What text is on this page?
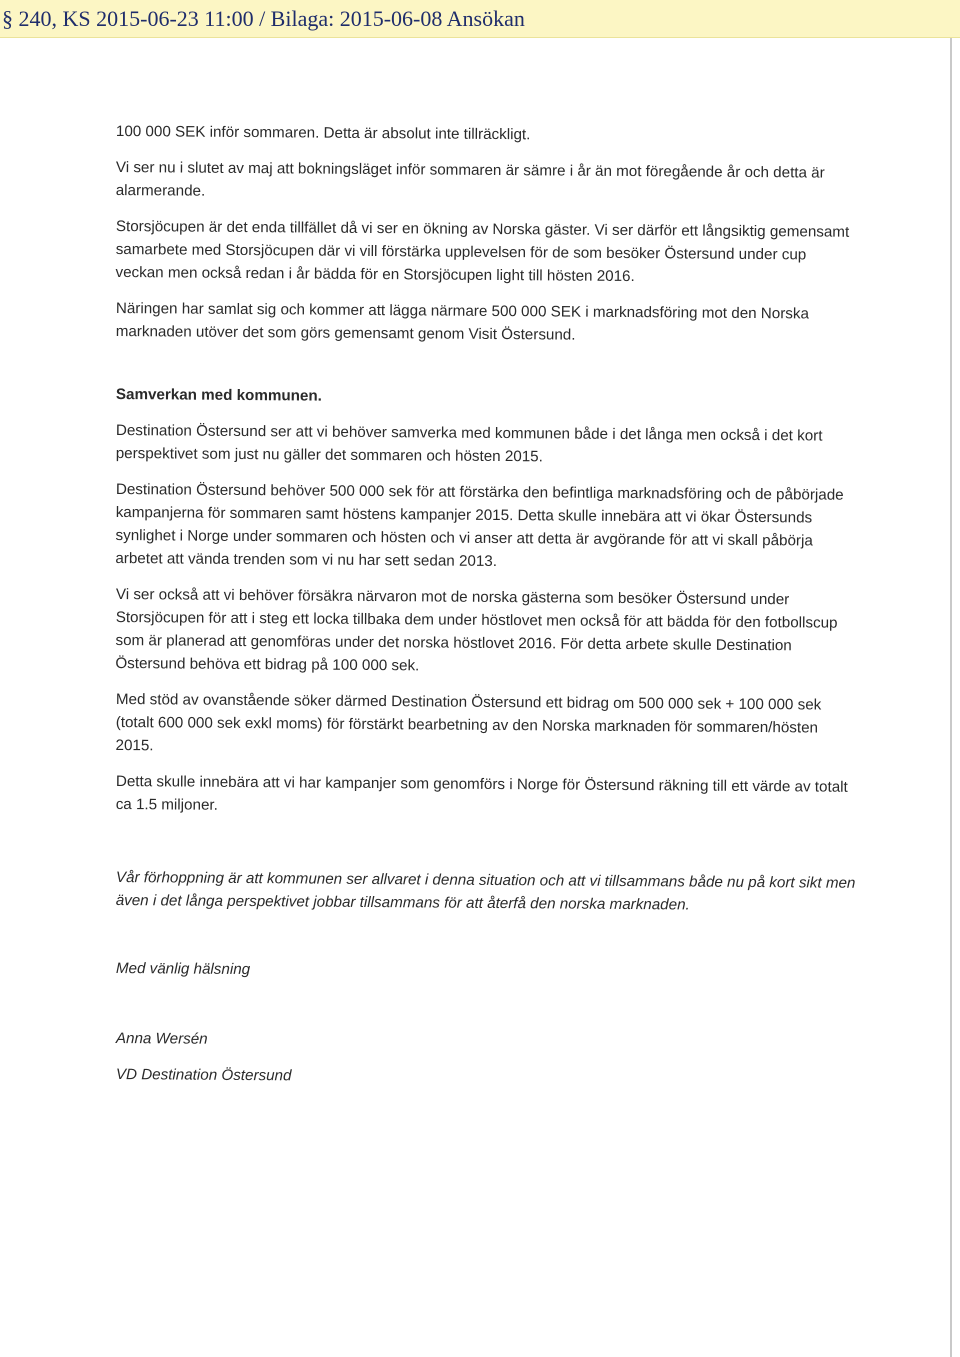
§ 240, KS 2015-06-23 11:00 / Bilaga: 2015-06-08 Ansökan

100 000 SEK inför sommaren. Detta är absolut inte tillräckligt.

Vi ser nu i slutet av maj att bokningsläget inför sommaren är sämre i år än mot föregående år och detta är alarmerande.

Storsjöcupen är det enda tillfället då vi ser en ökning av Norska gäster. Vi ser därför ett långsiktig gemensamt samarbete med Storsjöcupen där vi vill förstärka upplevelsen för de som besöker Östersund under cup veckan men också redan i år bädda för en Storsjöcupen light till hösten 2016.

Näringen har samlat sig och kommer att lägga närmare 500 000 SEK i marknadsföring mot den Norska marknaden utöver det som görs gemensamt genom Visit Östersund.

Samverkan med kommunen.

Destination Östersund ser att vi behöver samverka med kommunen både i det långa men också i det kort perspektivet som just nu gäller det sommaren och hösten 2015.

Destination Östersund behöver 500 000 sek för att förstärka den befintliga marknadsföring och de påbörjade kampanjerna för sommaren samt höstens kampanjer 2015. Detta skulle innebära att vi ökar Östersunds synlighet i Norge under sommaren och hösten och vi anser att detta är avgörande för att vi skall påbörja arbetet att vända trenden som vi nu har sett sedan 2013.

Vi ser också att vi behöver försäkra närvaron mot de norska gästerna som besöker Östersund under Storsjöcupen för att i steg ett locka tillbaka dem under höstlovet men också för att bädda för den fotbollscup som är planerad att genomföras under det norska höstlovet 2016. För detta arbete skulle Destination Östersund behöva ett bidrag på 100 000 sek.

Med stöd av ovanstående söker därmed Destination Östersund ett bidrag om 500 000 sek + 100 000 sek (totalt 600 000 sek exkl moms) för förstärkt bearbetning av den Norska marknaden för sommaren/hösten 2015.

Detta skulle innebära att vi har kampanjer som genomförs i Norge för Östersund räkning till ett värde av totalt ca 1.5 miljoner.

Vår förhoppning är att kommunen ser allvaret i denna situation och att vi tillsammans både nu på kort sikt men även i det långa perspektivet jobbar tillsammans för att återfå den norska marknaden.
Med vänlig hälsning
Anna Wersén
VD Destination Östersund
